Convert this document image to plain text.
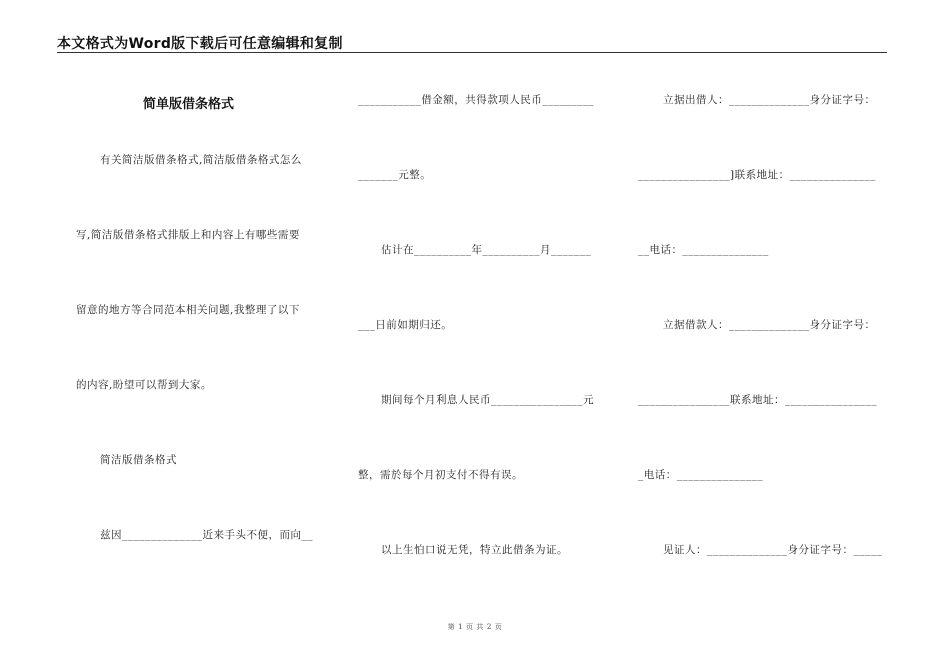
本文格式为Word版下载后可任意编辑和复制
简单版借条格式
有关简洁版借条格式,简洁版借条格式怎么
写,简洁版借条格式排版上和内容上有哪些需要
留意的地方等合同范本相关问题,我整理了以下
的内容,盼望可以帮到大家。
简洁版借条格式
兹因______________近来手头不便，而向__
___________借金额，共得款项人民币_________
_______元整。
估计在__________年__________月_______
___日前如期归还。
期间每个月利息人民币________________元
整，需於每个月初支付不得有误。
以上生怕口说无凭，特立此借条为证。
立据出借人：______________身分证字号：
________________]联系地址：_______________
__电话：_______________
立据借款人：______________身分证字号：
________________联系地址：________________
_电话：_______________
见证人：______________身分证字号：_____
第 1 页 共 2 页
